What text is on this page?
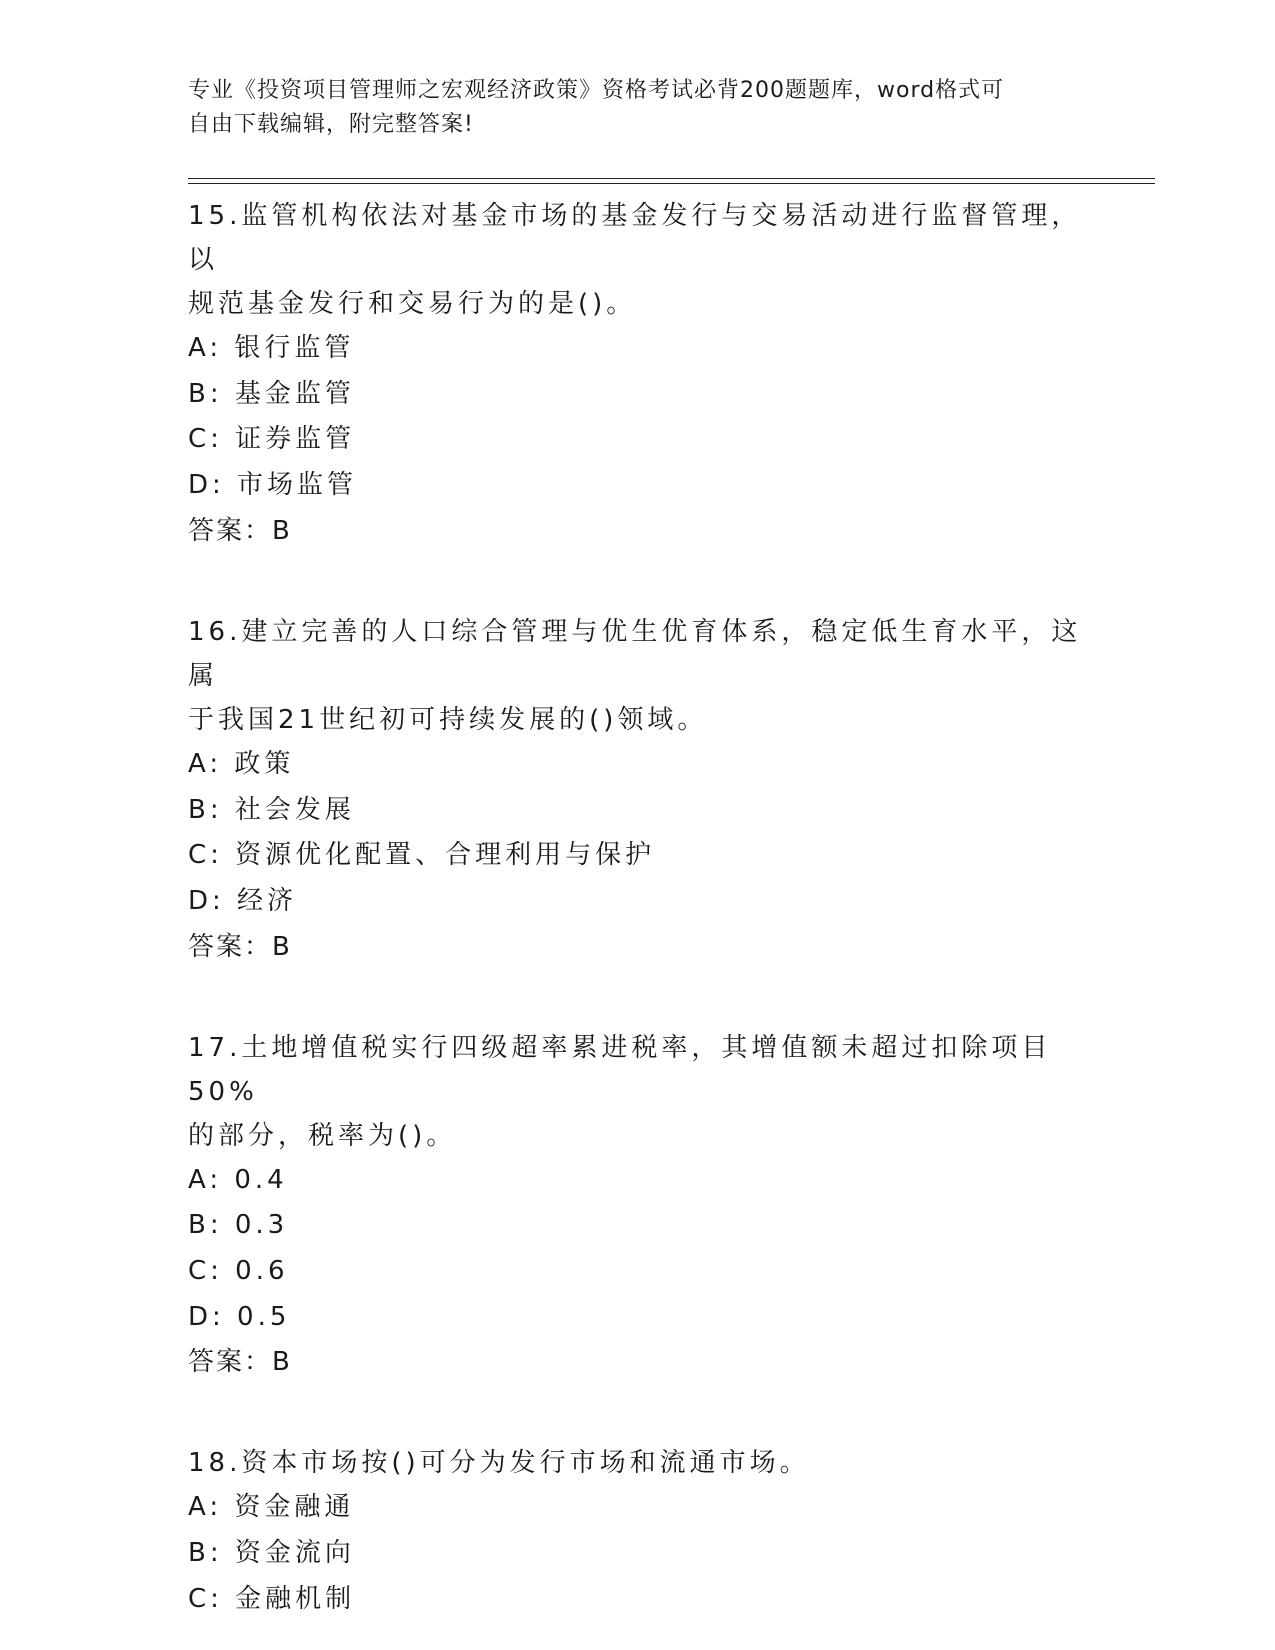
专业《投资项目管理师之宏观经济政策》资格考试必背200题题库，word格式可
自由下载编辑，附完整答案!
15.监管机构依法对基金市场的基金发行与交易活动进行监督管理，以
规范基金发行和交易行为的是()。
A: 银行监管
B: 基金监管
C: 证券监管
D: 市场监管
答案：B
16.建立完善的人口综合管理与优生优育体系，稳定低生育水平，这属
于我国21世纪初可持续发展的()领域。
A: 政策
B: 社会发展
C: 资源优化配置、合理利用与保护
D: 经济
答案：B
17.土地增值税实行四级超率累进税率，其增值额未超过扣除项目50%
的部分，税率为()。
A: 0.4
B: 0.3
C: 0.6
D: 0.5
答案：B
18.资本市场按()可分为发行市场和流通市场。
A: 资金融通
B: 资金流向
C: 金融机制
